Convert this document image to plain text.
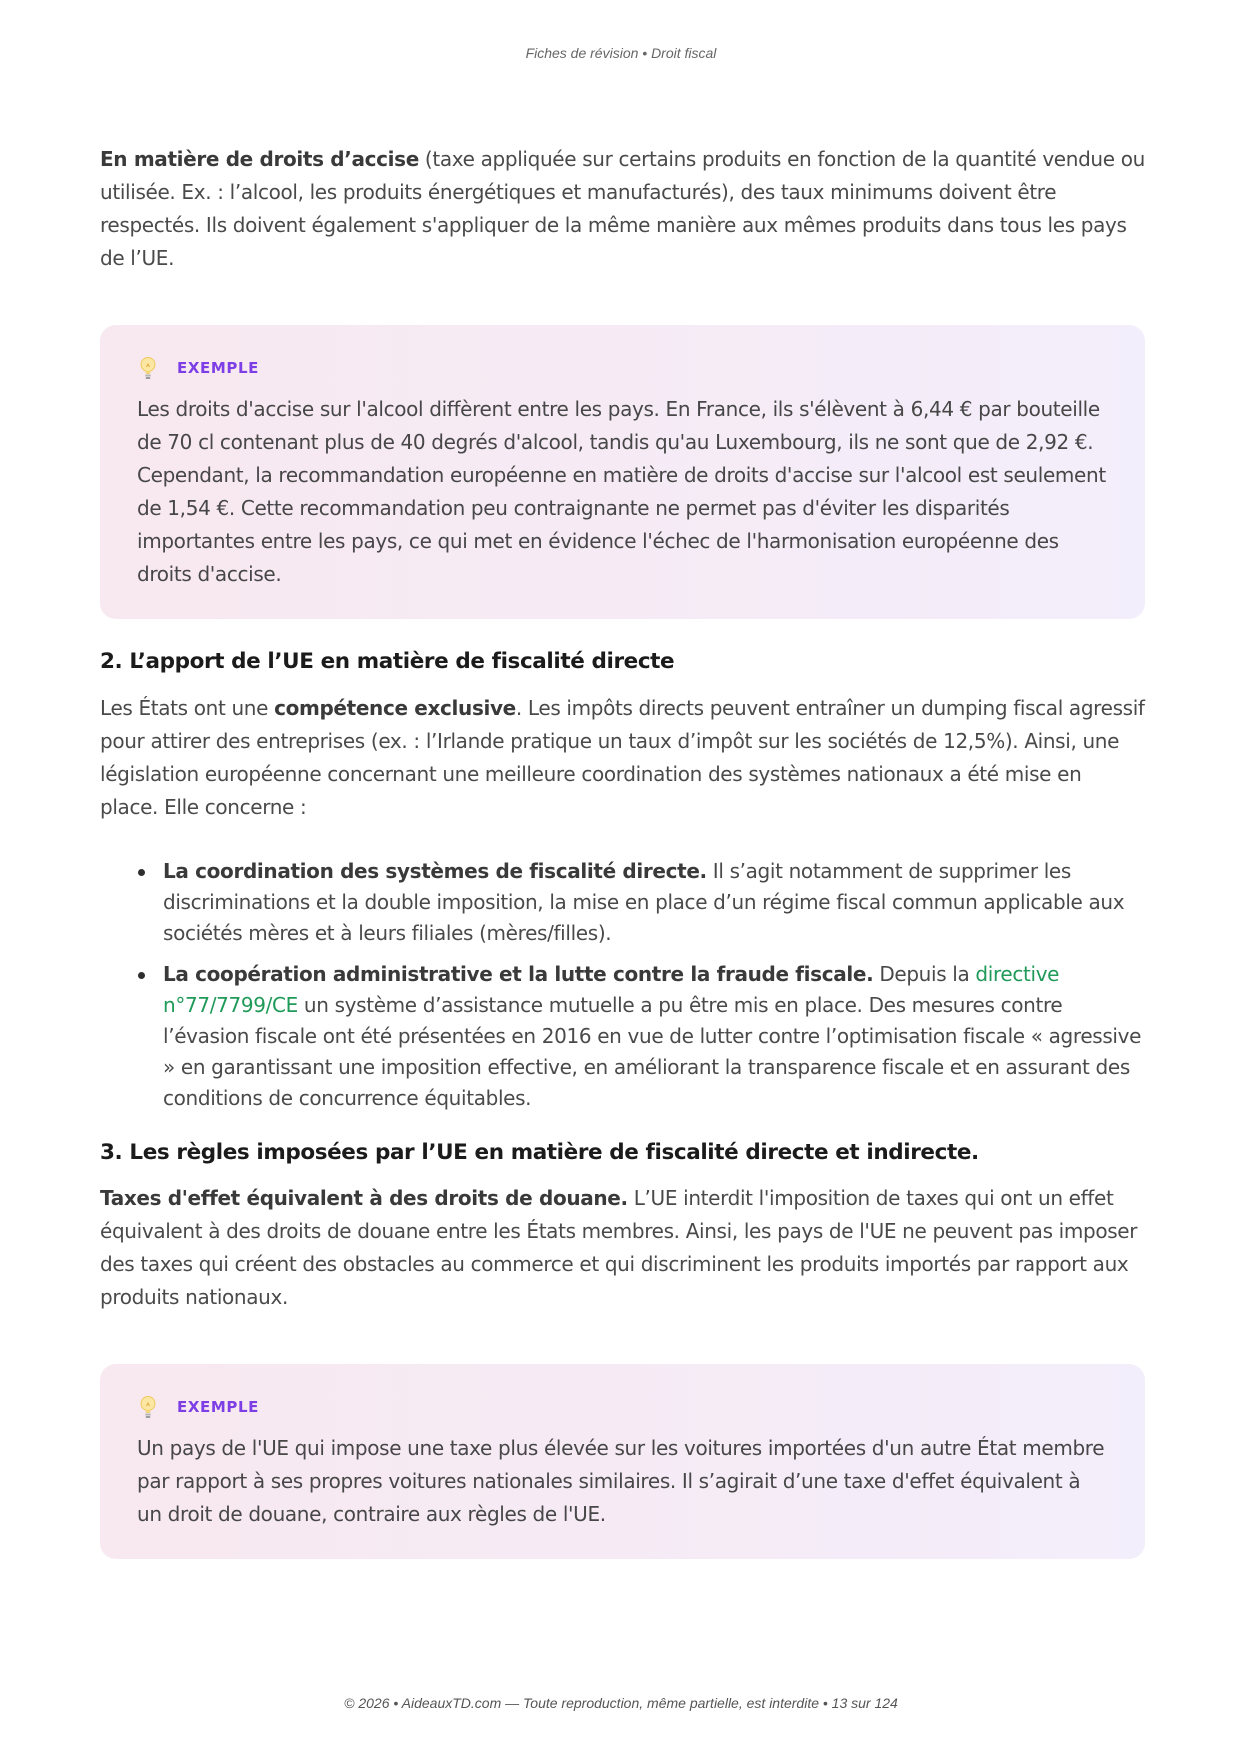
Fiches de révision • Droit fiscal

En matière de droits d’accise (taxe appliquée sur certains produits en fonction de la quantité vendue ou utilisée. Ex. : l’alcool, les produits énergétiques et manufacturés), des taux minimums doivent être respectés. Ils doivent également s'appliquer de la même manière aux mêmes produits dans tous les pays de l’UE.

EXEMPLE

Les droits d'accise sur l'alcool diffèrent entre les pays. En France, ils s'élèvent à 6,44 € par bouteille de 70 cl contenant plus de 40 degrés d'alcool, tandis qu'au Luxembourg, ils ne sont que de 2,92 €. Cependant, la recommandation européenne en matière de droits d'accise sur l'alcool est seulement de 1,54 €. Cette recommandation peu contraignante ne permet pas d'éviter les disparités importantes entre les pays, ce qui met en évidence l'échec de l'harmonisation européenne des droits d'accise.

2. L’apport de l’UE en matière de fiscalité directe

Les États ont une compétence exclusive. Les impôts directs peuvent entraîner un dumping fiscal agressif pour attirer des entreprises (ex. : l’Irlande pratique un taux d’impôt sur les sociétés de 12,5%). Ainsi, une législation européenne concernant une meilleure coordination des systèmes nationaux a été mise en place. Elle concerne :

La coordination des systèmes de fiscalité directe. Il s’agit notamment de supprimer les discriminations et la double imposition, la mise en place d’un régime fiscal commun applicable aux sociétés mères et à leurs filiales (mères/filles).
La coopération administrative et la lutte contre la fraude fiscale. Depuis la directive n°77/7799/CE un système d’assistance mutuelle a pu être mis en place. Des mesures contre l’évasion fiscale ont été présentées en 2016 en vue de lutter contre l’optimisation fiscale « agressive » en garantissant une imposition effective, en améliorant la transparence fiscale et en assurant des conditions de concurrence équitables.
3. Les règles imposées par l’UE en matière de fiscalité directe et indirecte.

Taxes d'effet équivalent à des droits de douane. L’UE interdit l'imposition de taxes qui ont un effet équivalent à des droits de douane entre les États membres. Ainsi, les pays de l'UE ne peuvent pas imposer des taxes qui créent des obstacles au commerce et qui discriminent les produits importés par rapport aux produits nationaux.

EXEMPLE

Un pays de l'UE qui impose une taxe plus élevée sur les voitures importées d'un autre État membre par rapport à ses propres voitures nationales similaires. Il s’agirait d’une taxe d'effet équivalent à un droit de douane, contraire aux règles de l'UE.

© 2026 • AideauxTD.com — Toute reproduction, même partielle, est interdite • 13 sur 124
